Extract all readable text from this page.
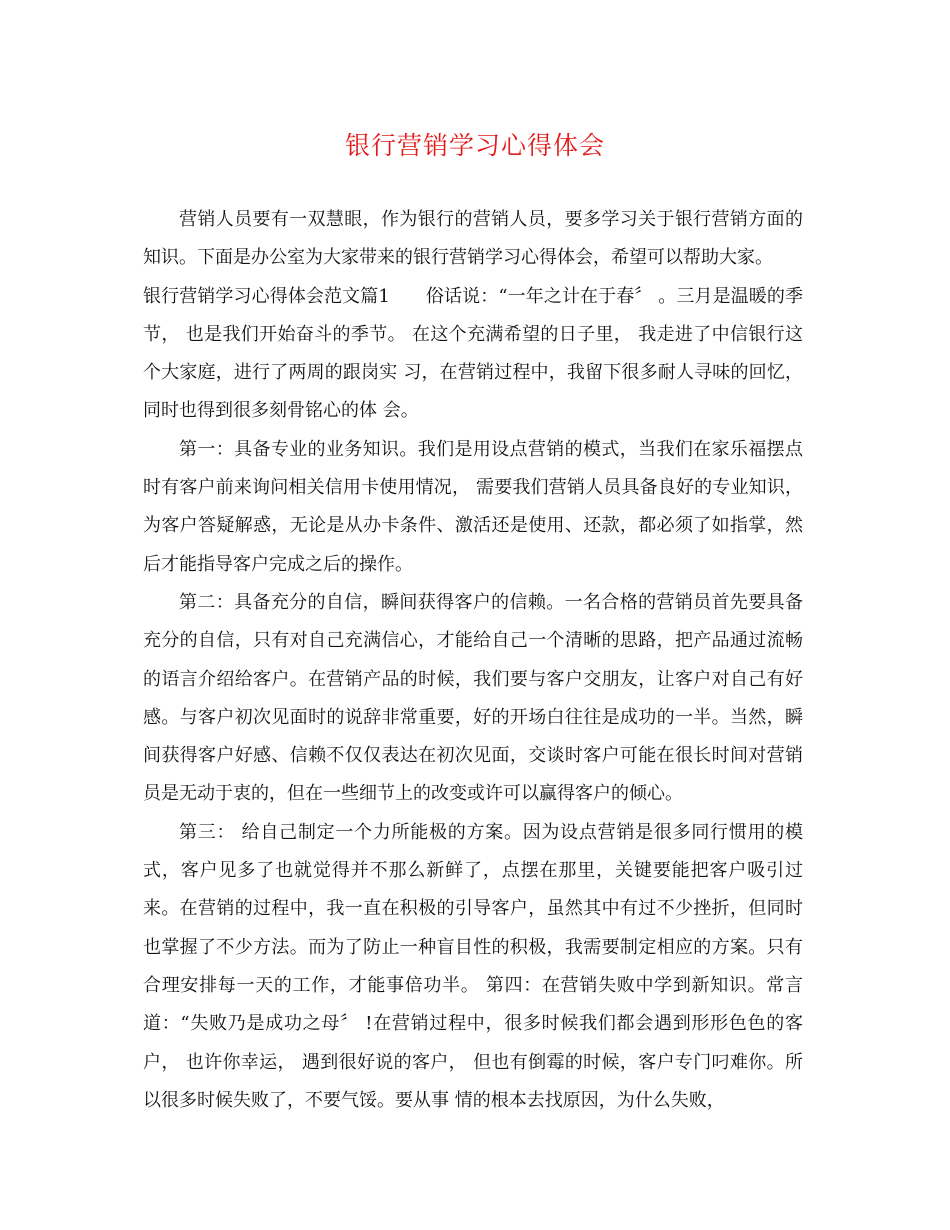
银行营销学习心得体会

营销人员要有一双慧眼，作为银行的营销人员，要多学习关于银行营销方面的知识。下面是办公室为大家带来的银行营销学习心得体会，希望可以帮助大家。

银行营销学习心得体会范文篇1 俗话说：“一年之计在于春〞 。三月是温暖的季节， 也是我们开始奋斗的季节。 在这个充满希望的日子里， 我走进了中信银行这个大家庭，进行了两周的跟岗实 习，在营销过程中，我留下很多耐人寻味的回忆，同时也得到很多刻骨铭心的体 会。

第一：具备专业的业务知识。我们是用设点营销的模式，当我们在家乐福摆点时有客户前来询问相关信用卡使用情况， 需要我们营销人员具备良好的专业知识，为客户答疑解惑，无论是从办卡条件、激活还是使用、还款，都必须了如指掌，然后才能指导客户完成之后的操作。

第二：具备充分的自信，瞬间获得客户的信赖。一名合格的营销员首先要具备充分的自信，只有对自己充满信心，才能给自己一个清晰的思路，把产品通过流畅的语言介绍给客户。在营销产品的时候，我们要与客户交朋友，让客户对自己有好感。与客户初次见面时的说辞非常重要，好的开场白往往是成功的一半。当然，瞬间获得客户好感、信赖不仅仅表达在初次见面，交谈时客户可能在很长时间对营销员是无动于衷的，但在一些细节上的改变或许可以赢得客户的倾心。

第三： 给自己制定一个力所能极的方案。因为设点营销是很多同行惯用的模式，客户见多了也就觉得并不那么新鲜了，点摆在那里，关键要能把客户吸引过来。在营销的过程中，我一直在积极的引导客户，虽然其中有过不少挫折，但同时也掌握了不少方法。而为了防止一种盲目性的积极，我需要制定相应的方案。只有合理安排每一天的工作，才能事倍功半。 第四：在营销失败中学到新知识。常言道：“失败乃是成功之母〞 !在营销过程中，很多时候我们都会遇到形形色色的客户， 也许你幸运， 遇到很好说的客户， 但也有倒霉的时候，客户专门叼难你。所以很多时候失败了，不要气馁。要从事 情的根本去找原因，为什么失败，
